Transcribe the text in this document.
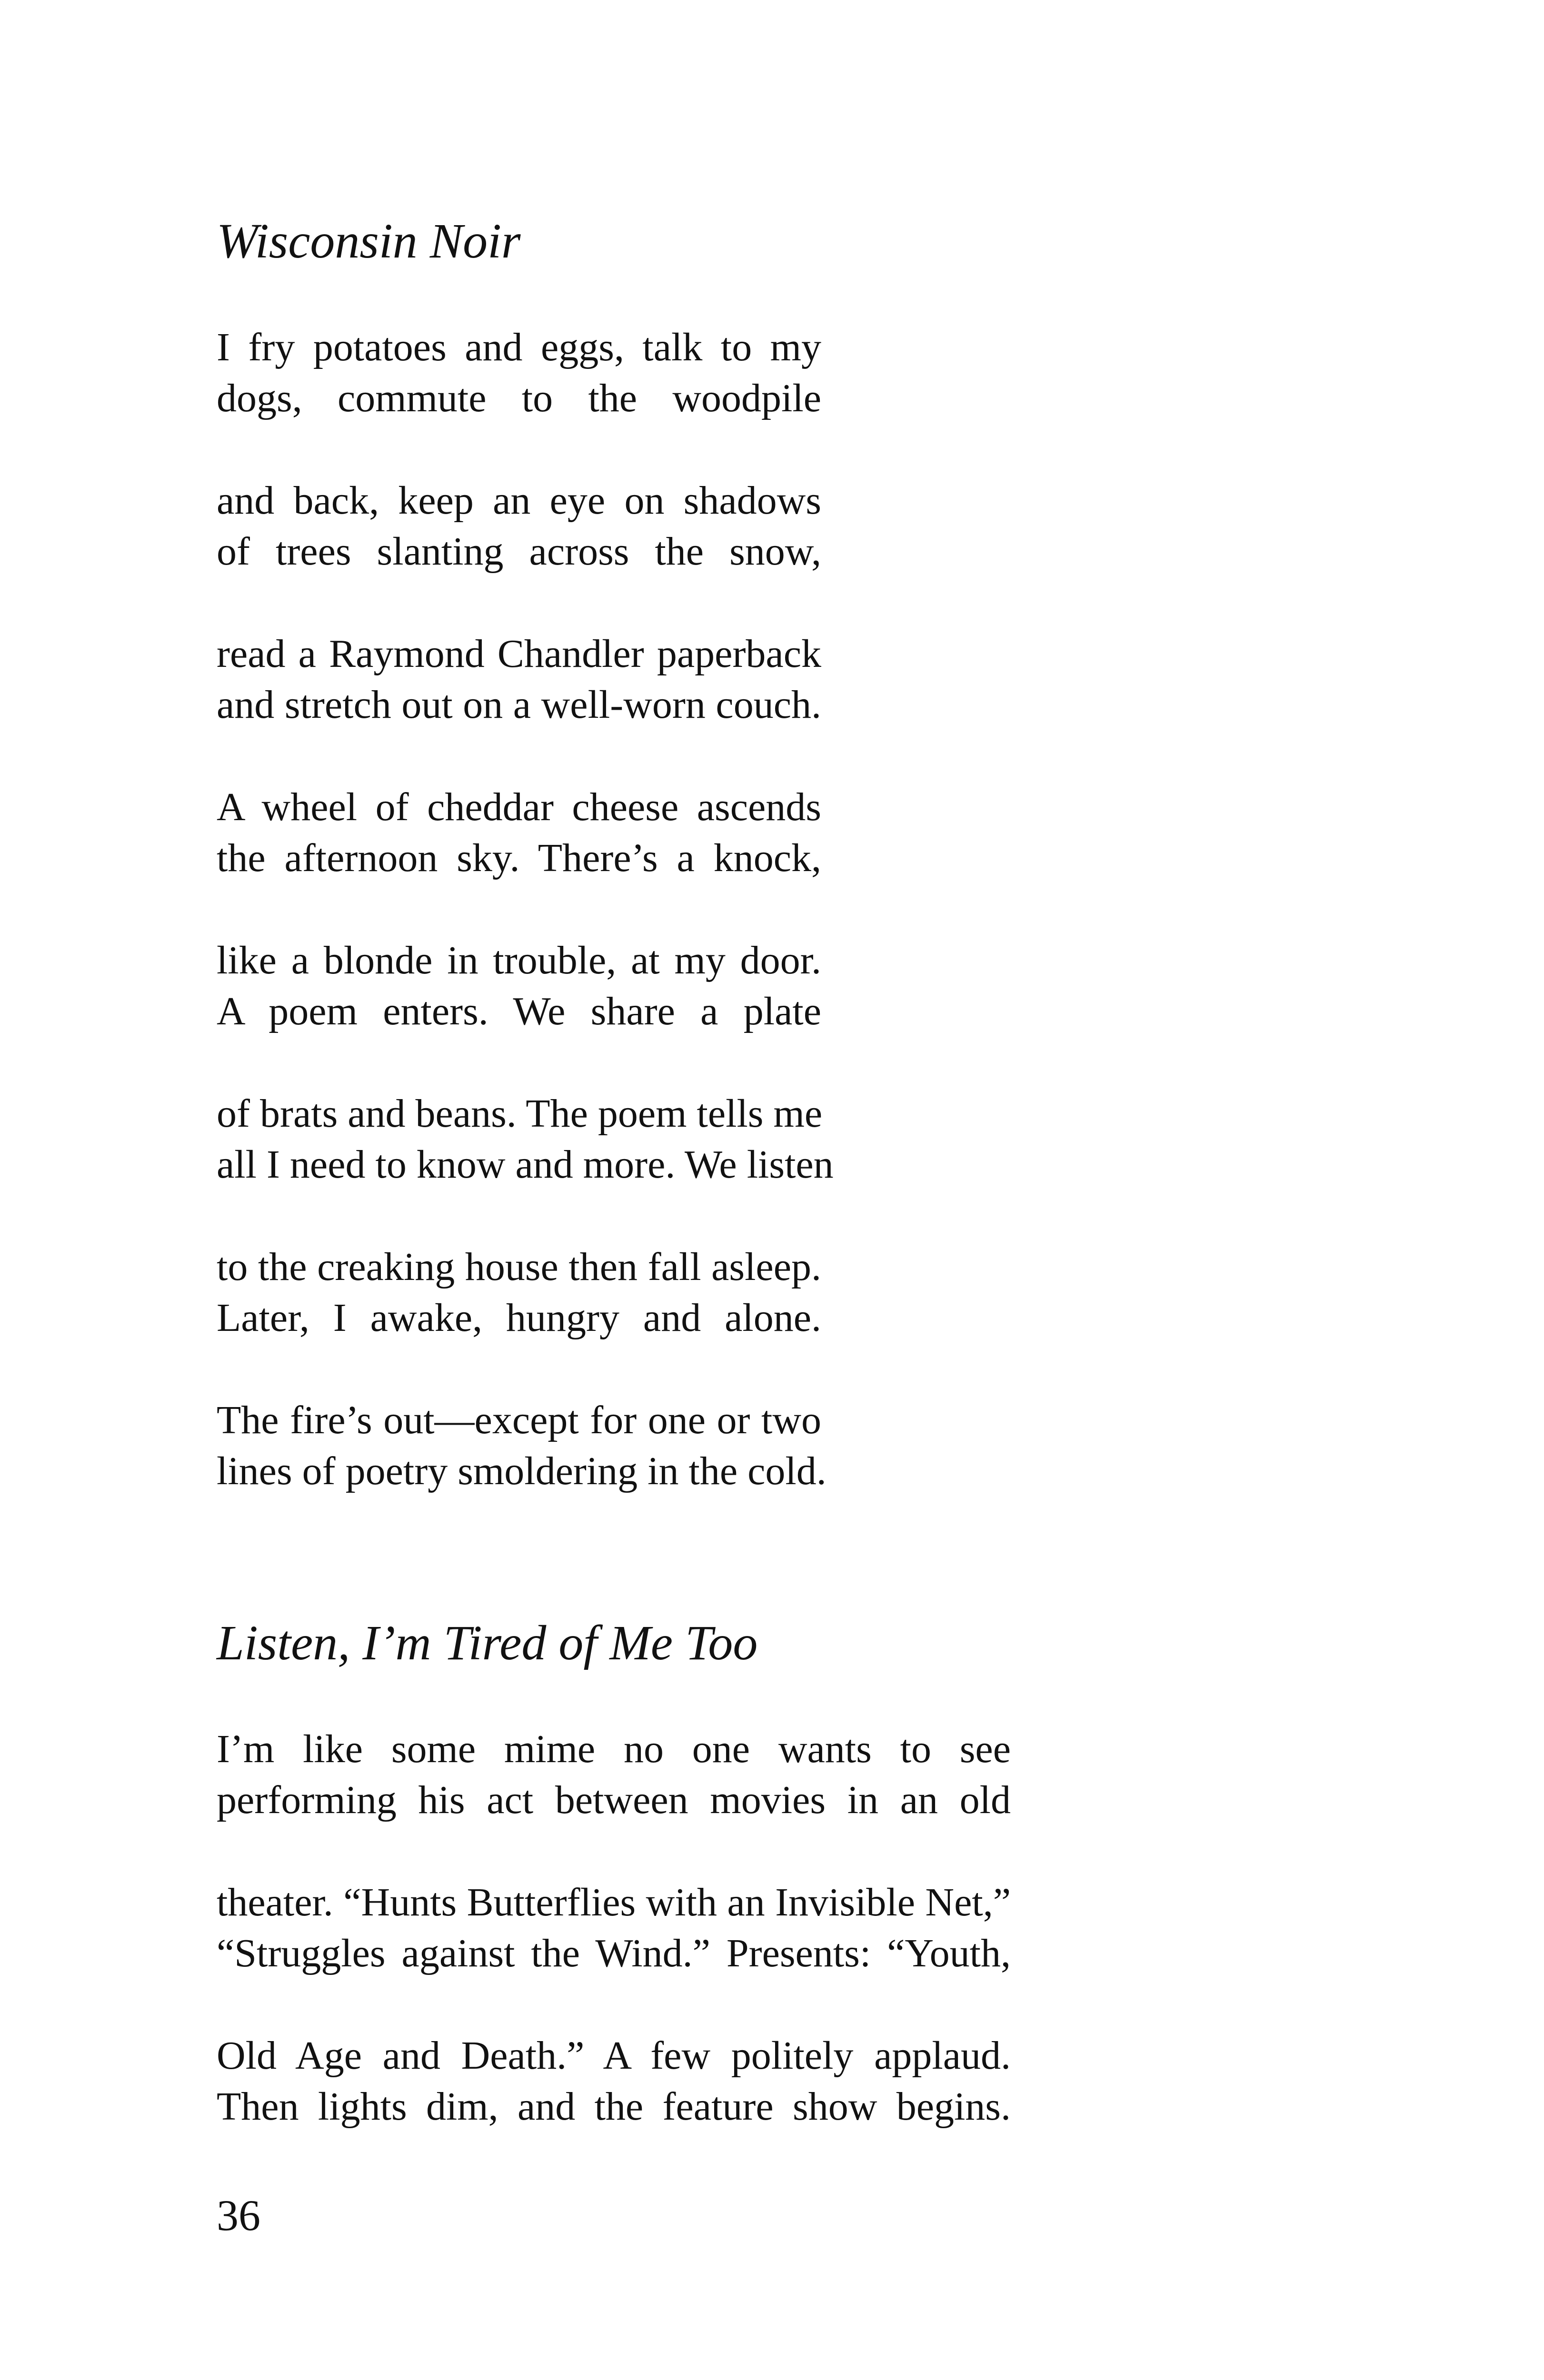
Wisconsin Noir
I fry potatoes and eggs, talk to my
dogs, commute to the woodpile
and back, keep an eye on shadows
of trees slanting across the snow,
read a Raymond Chandler paperback
and stretch out on a well-worn couch.
A wheel of cheddar cheese ascends
the afternoon sky. There’s a knock,
like a blonde in trouble, at my door.
A poem enters. We share a plate
of brats and beans. The poem tells me
all I need to know and more. We listen
to the creaking house then fall asleep.
Later, I awake, hungry and alone.
The fire’s out—except for one or two
lines of poetry smoldering in the cold.
Listen, I’m Tired of Me Too
I’m like some mime no one wants to see
performing his act between movies in an old
theater. “Hunts Butterflies with an Invisible Net,”
“Struggles against the Wind.” Presents: “Youth,
Old Age and Death.” A few politely applaud.
Then lights dim, and the feature show begins.
36
